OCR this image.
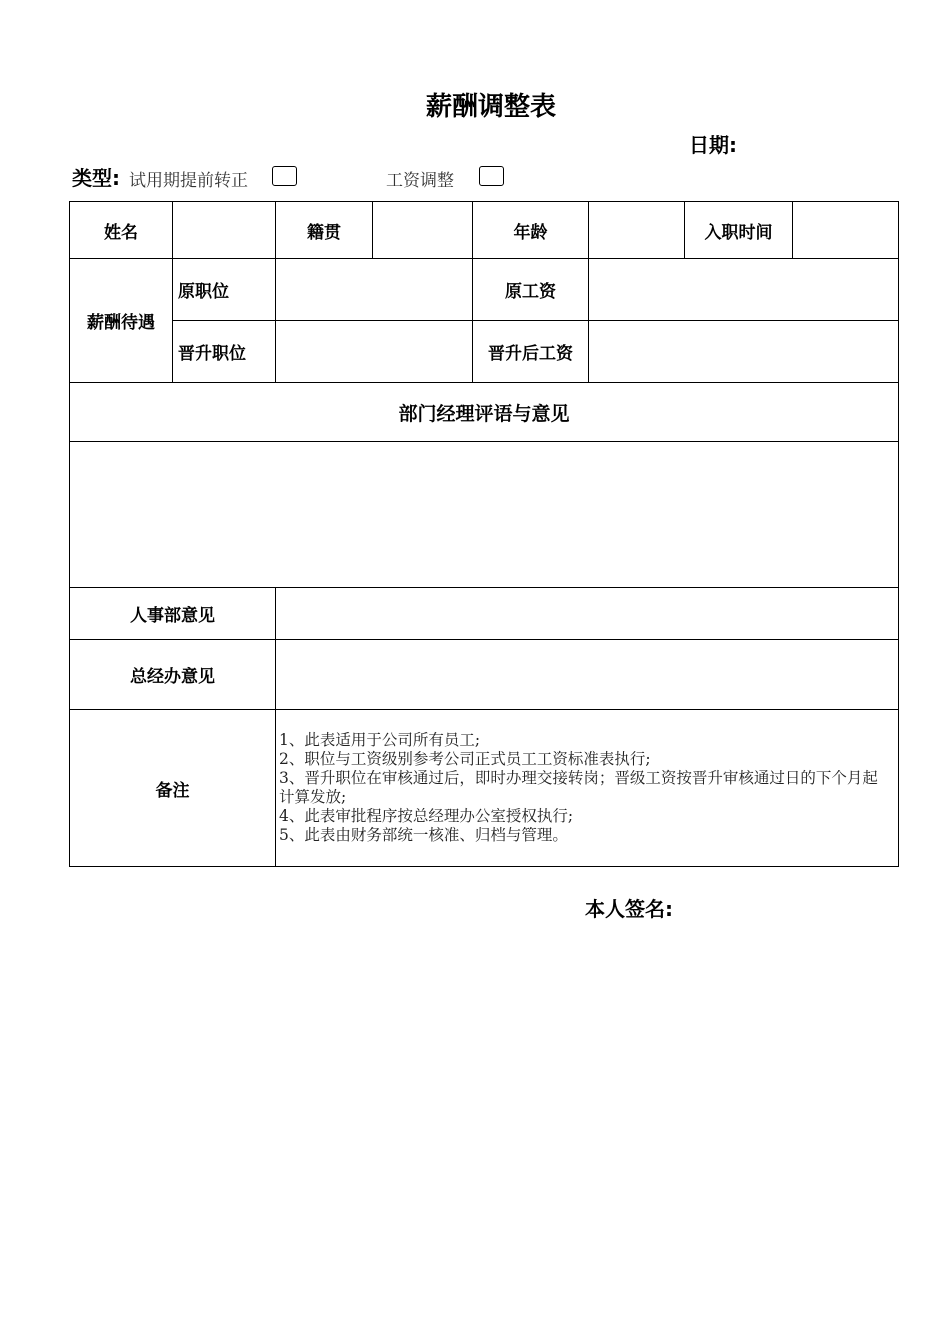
薪酬调整表
日期:
类型: 试用期提前转正	工资调整
姓名		籍贯		年龄		入职时间	
薪酬待遇	原职位			原工资			
	晋升职位			晋升后工资			
部门经理评语与意见							

人事部意见							
总经办意见							
备注		1、此表适用于公司所有员工;
2、职位与工资级别参考公司正式员工工资标准表执行;
3、晋升职位在审核通过后，即时办理交接转岗；晋级工资按晋升审核通过日的下个月起计算发放;
4、此表审批程序按总经理办公室授权执行;
5、此表由财务部统一核准、归档与管理。					
本人签名:
